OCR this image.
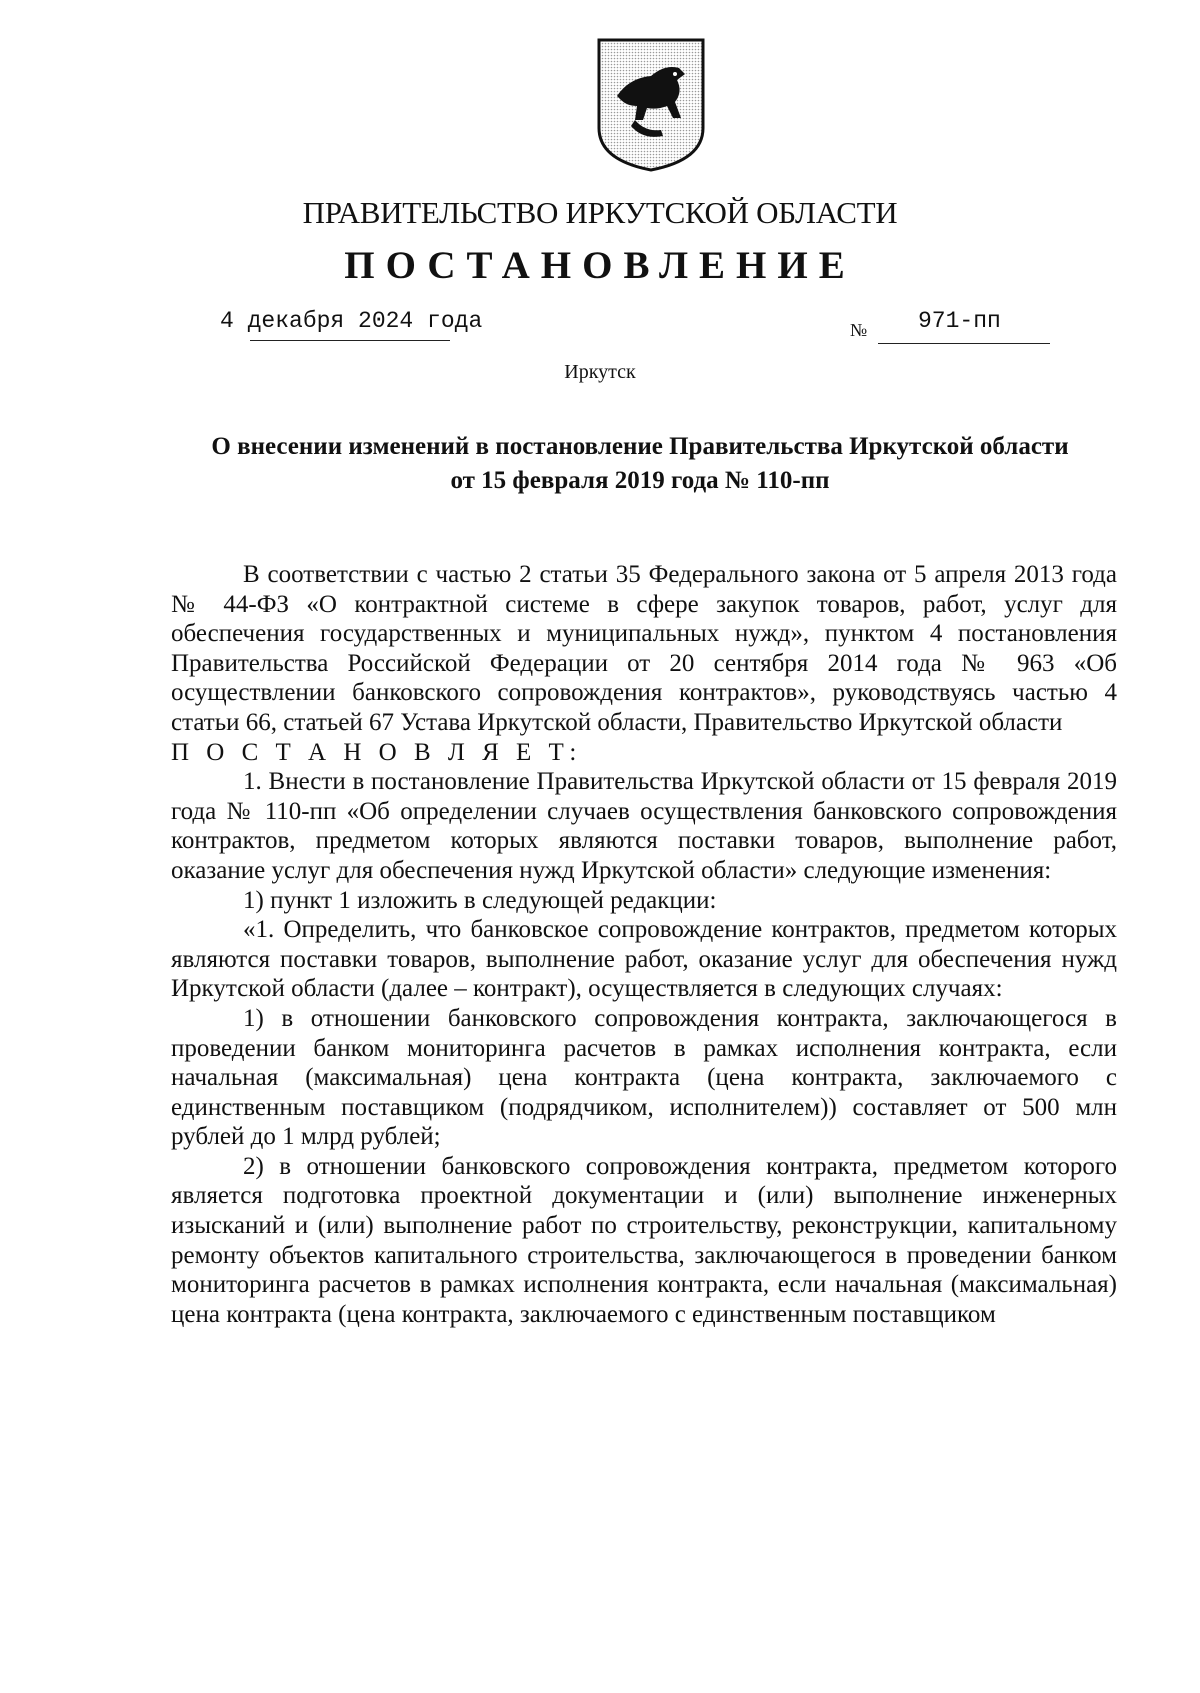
ПРАВИТЕЛЬСТВО ИРКУТСКОЙ ОБЛАСТИ
ПОСТАНОВЛЕНИЕ
4 декабря 2024 года	№ 971-пп
Иркутск
О внесении изменений в постановление Правительства Иркутской области от 15 февраля 2019 года № 110-пп

В соответствии с частью 2 статьи 35 Федерального закона от 5 апреля 2013 года № 44-ФЗ «О контрактной системе в сфере закупок товаров, работ, услуг для обеспечения государственных и муниципальных нужд», пунктом 4 постановления Правительства Российской Федерации от 20 сентября 2014 года № 963 «Об осуществлении банковского сопровождения контрактов», руководствуясь частью 4 статьи 66, статьей 67 Устава Иркутской области, Правительство Иркутской области

П О С Т А Н О В Л Я Е Т:

1. Внести в постановление Правительства Иркутской области от 15 февраля 2019 года № 110-пп «Об определении случаев осуществления банковского сопровождения контрактов, предметом которых являются поставки товаров, выполнение работ, оказание услуг для обеспечения нужд Иркутской области» следующие изменения:

1) пункт 1 изложить в следующей редакции:

«1. Определить, что банковское сопровождение контрактов, предметом которых являются поставки товаров, выполнение работ, оказание услуг для обеспечения нужд Иркутской области (далее – контракт), осуществляется в следующих случаях:

1) в отношении банковского сопровождения контракта, заключающегося в проведении банком мониторинга расчетов в рамках исполнения контракта, если начальная (максимальная) цена контракта (цена контракта, заключаемого с единственным поставщиком (подрядчиком, исполнителем)) составляет от 500 млн рублей до 1 млрд рублей;

2) в отношении банковского сопровождения контракта, предметом которого является подготовка проектной документации и (или) выполнение инженерных изысканий и (или) выполнение работ по строительству, реконструкции, капитальному ремонту объектов капитального строительства, заключающегося в проведении банком мониторинга расчетов в рамках исполнения контракта, если начальная (максимальная) цена контракта (цена контракта, заключаемого с единственным поставщиком
